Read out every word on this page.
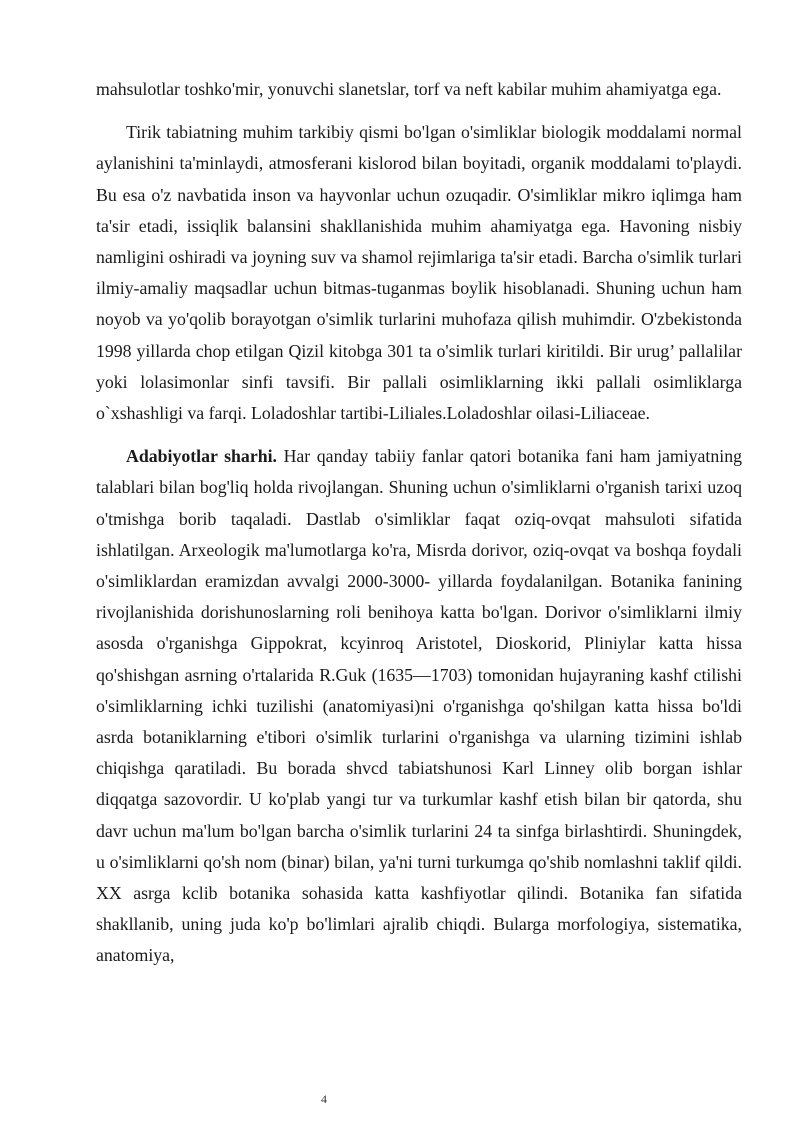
mahsulotlar toshko'mir, yonuvchi slanetslar, torf va neft kabilar muhim ahamiyatga ega.

Tirik tabiatning muhim tarkibiy qismi bo'lgan o'simliklar biologik moddalami normal aylanishini ta'minlaydi, atmosferani kislorod bilan boyitadi, organik moddalami to'playdi. Bu esa o'z navbatida inson va hayvonlar uchun ozuqadir. O'simliklar mikro iqlimga ham ta'sir etadi, issiqlik balansini shakllanishida muhim ahamiyatga ega. Havoning nisbiy namligini oshiradi va joyning suv va shamol rejimlariga ta'sir etadi. Barcha o'simlik turlari ilmiy-amaliy maqsadlar uchun bitmas-tuganmas boylik hisoblanadi. Shuning uchun ham noyob va yo'qolib borayotgan o'simlik turlarini muhofaza qilish muhimdir. O'zbekistonda 1998 yillarda chop etilgan Qizil kitobga 301 ta o'simlik turlari kiritildi. Bir urug’ pallalilar yoki lolasimonlar sinfi tavsifi. Bir pallali osimliklarning ikki pallali osimliklarga o`xshashligi va farqi. Loladoshlar tartibi-Liliales.Loladoshlar oilasi-Liliaceae.

Adabiyotlar sharhi. Har qanday tabiiy fanlar qatori botanika fani ham jamiyatning talablari bilan bog'liq holda rivojlangan. Shuning uchun o'simliklarni o'rganish tarixi uzoq o'tmishga borib taqaladi. Dastlab o'simliklar faqat oziq-ovqat mahsuloti sifatida ishlatilgan. Arxeologik ma'lumotlarga ko'ra, Misrda dorivor, oziq-ovqat va boshqa foydali o'simliklardan eramizdan avvalgi 2000-3000- yillarda foydalanilgan. Botanika fanining rivojlanishida dorishunoslarning roli benihoya katta bo'lgan. Dorivor o'simliklarni ilmiy asosda o'rganishga Gippokrat, kcyinroq Aristotel, Dioskorid, Pliniylar katta hissa qo'shishgan asrning o'rtalarida R.Guk (1635—1703) tomonidan hujayraning kashf ctilishi o'simliklarning ichki tuzilishi (anatomiyasi)ni o'rganishga qo'shilgan katta hissa bo'ldi asrda botaniklarning e'tibori o'simlik turlarini o'rganishga va ularning tizimini ishlab chiqishga qaratiladi. Bu borada shvcd tabiatshunosi Karl Linney olib borgan ishlar diqqatga sazovordir. U ko'plab yangi tur va turkumlar kashf etish bilan bir qatorda, shu davr uchun ma'lum bo'lgan barcha o'simlik turlarini 24 ta sinfga birlashtirdi. Shuningdek, u o'simliklarni qo'sh nom (binar) bilan, ya'ni turni turkumga qo'shib nomlashni taklif qildi. XX asrga kclib botanika sohasida katta kashfiyotlar qilindi. Botanika fan sifatida shakllanib, uning juda ko'p bo'limlari ajralib chiqdi. Bularga morfologiya, sistematika, anatomiya,

4
